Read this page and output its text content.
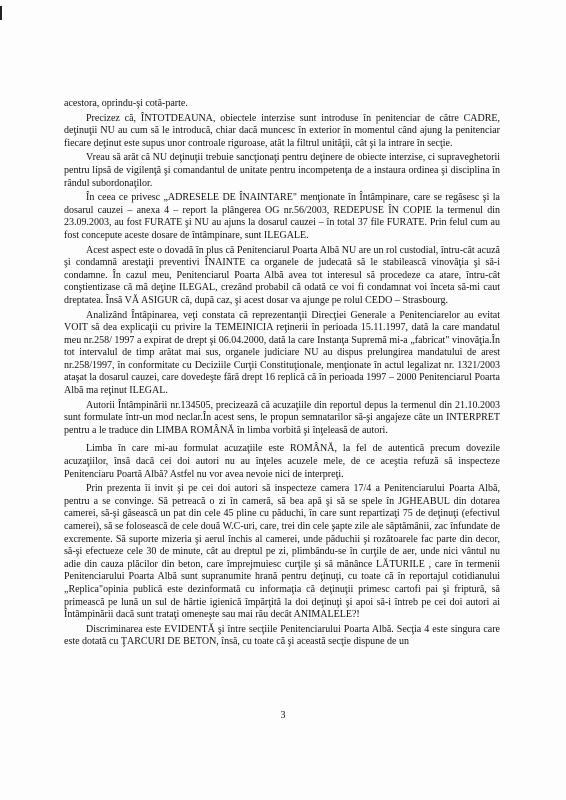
acestora, oprindu-şi cotă-parte.

Precizez că, ÎNTOTDEAUNA, obiectele interzise sunt introduse în penitenciar de către CADRE, deţinuţii NU au cum să le introducă, chiar dacă muncesc în exterior în momentul când ajung la penitenciar fiecare deţinut este supus unor controale riguroase, atât la filtrul unităţii, cât şi la intrare în secţie.

Vreau să arăt că NU deţinuţii trebuie sancţionaţi pentru deţinere de obiecte interzise, ci supraveghetorii pentru lipsă de vigilenţă şi comandantul de unitate pentru incompetenţa de a instaura ordinea şi disciplina în rândul subordonaţilor.

În ceea ce privesc „ADRESELE DE ÎNAINTARE" menţionate în Întâmpinare, care se regăsesc şi la dosarul cauzei – anexa 4 – report la plângerea OG nr.56/2003, REDEPUSE ÎN COPIE la termenul din 23.09.2003, au fost FURATE şi NU au ajuns la dosarul cauzei – în total 37 file FURATE. Prin felul cum au fost concepute aceste dosare de întâmpinare, sunt ILEGALE.

Acest aspect este o dovadă în plus că Penitenciarul Poarta Albă NU are un rol custodial, întru-cât acuză şi condamnă arestaţii preventivi ÎNAINTE ca organele de judecată să le stabilească vinovăţia şi să-i condamne. În cazul meu, Penitenciarul Poarta Albă avea tot interesul să procedeze ca atare, întru-cât conştientizase că mă deţine ILEGAL, crezând probabil că odată ce voi fi condamnat voi înceta să-mi caut dreptatea. Însă VĂ ASIGUR că, după caz, şi acest dosar va ajunge pe rolul CEDO – Strasbourg.

Analizând Întâpinarea, veţi constata că reprezentanţii Direcţiei Generale a Penitenciarelor au evitat VOIT să dea explicaţii cu privire la TEMEINICIA reţinerii în perioada 15.11.1997, dată la care mandatul meu nr.258/ 1997 a expirat de drept şi 06.04.2000, dată la care Instanţa Supremă mi-a „fabricat" vinovăţia.În tot intervalul de timp arătat mai sus, organele judiciare NU au dispus prelungirea mandatului de arest nr.258/1997, în conformitate cu Deciziile Curţii Constituţionale, menţionate în actul legalizat nr. 1321/2003 ataşat la dosarul cauzei, care dovedeşte fără drept 16 replică că în perioada 1997 – 2000 Penitenciarul Poarta Albă ma reţinut ILEGAL.

Autorii Întâmpinării nr.134505, precizează că acuzaţiile din reportul depus la termenul din 21.10.2003 sunt formulate într-un mod neclar.În acest sens, le propun semnatarilor să-şi angajeze câte un INTERPRET pentru a le traduce din LIMBA ROMÂNĂ în limba vorbită şi înţeleasă de autori.

Limba în care mi-au formulat acuzaţiile este ROMÂNĂ, la fel de autentică precum dovezile acuzaţiilor, însă dacă cei doi autori nu au înţeles acuzele mele, de ce aceştia refuză să inspecteze Penitenciaru Poartă Albă? Astfel nu vor avea nevoie nici de interpreţi.

Prin prezenta îi invit şi pe cei doi autori să inspecteze camera 17/4 a Penitenciarului Poarta Albă, pentru a se convinge. Să petreacă o zi în cameră, să bea apă şi să se spele în JGHEABUL din dotarea camerei, să-şi găsească un pat din cele 45 pline cu păduchi, în care sunt repartizaţi 75 de deţinuţi (efectivul camerei), să se folosească de cele două W.C-uri, care, trei din cele şapte zile ale săptămânii, zac înfundate de excremente. Să suporte mizeria şi aerul închis al camerei, unde păduchii şi rozătoarele fac parte din decor, să-şi efectueze cele 30 de minute, cât au dreptul pe zi, plimbându-se în curţile de aer, unde nici vântul nu adie din cauza plăcilor din beton, care împrejmuiesc curţile şi să mănânce LĂTURILE , care în termenii Penitenciarului Poarta Albă sunt supranumite hrană pentru deţinuţi, cu toate că în reportajul cotidianului „Replica"opinia publică este dezinformată cu informaţia că deţinuţii primesc cartofi pai şi friptură, să primească pe lună un sul de hârtie igienică împărţită la doi deţinuţi şi apoi să-i întreb pe cei doi autori ai Întâmpinării dacă sunt trataţi omeneşte sau mai rău decât ANIMALELE?!

Discriminarea este EVIDENTĂ şi între secţiile Penitenciarului Poarta Albă. Secţia 4 este singura care este dotată cu ŢARCURI DE BETON, însă, cu toate că şi această secţie dispune de un

3
